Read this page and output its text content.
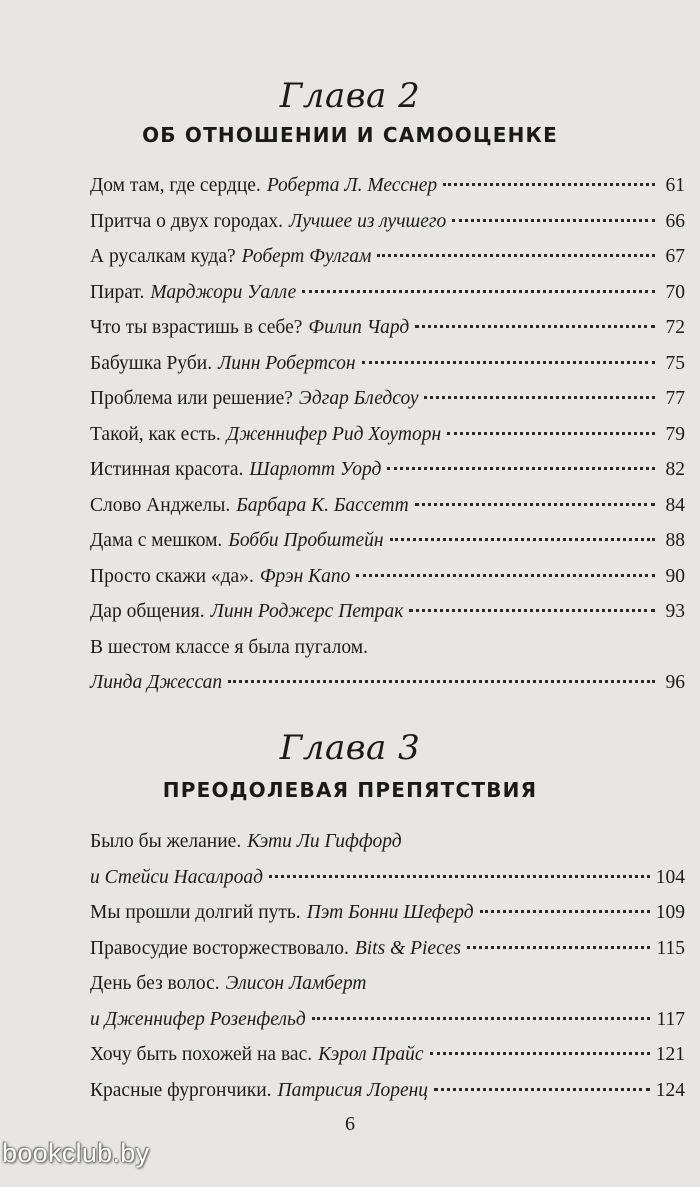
Глава 2
ОБ ОТНОШЕНИИ И САМООЦЕНКЕ
Дом там, где сердце. Роберта Л. Месснер	61
Притча о двух городах. Лучшее из лучшего	66
А русалкам куда? Роберт Фулгам	67
Пират. Марджори Уалле	70
Что ты взрастишь в себе? Филип Чард	72
Бабушка Руби. Линн Робертсон	75
Проблема или решение? Эдгар Бледсоу	77
Такой, как есть. Дженнифер Рид Хоуторн	79
Истинная красота. Шарлотт Уорд	82
Слово Анджелы. Барбара К. Бассетт	84
Дама с мешком. Бобби Пробштейн	88
Просто скажи «да». Фрэн Капо	90
Дар общения. Линн Роджерс Петрак	93
В шестом классе я была пугалом.
Линда Джессап	96
Глава 3
ПРЕОДОЛЕВАЯ ПРЕПЯТСТВИЯ
Было бы желание. Кэти Ли Гиффорд
и Стейси Насалроад	104
Мы прошли долгий путь. Пэт Бонни Шеферд	109
Правосудие восторжествовало. Bits & Pieces	115
День без волос. Элисон Ламберт
и Дженнифер Розенфельд	117
Хочу быть похожей на вас. Кэрол Прайс	121
Красные фургончики. Патрисия Лоренц	124
6
bookclub.by
